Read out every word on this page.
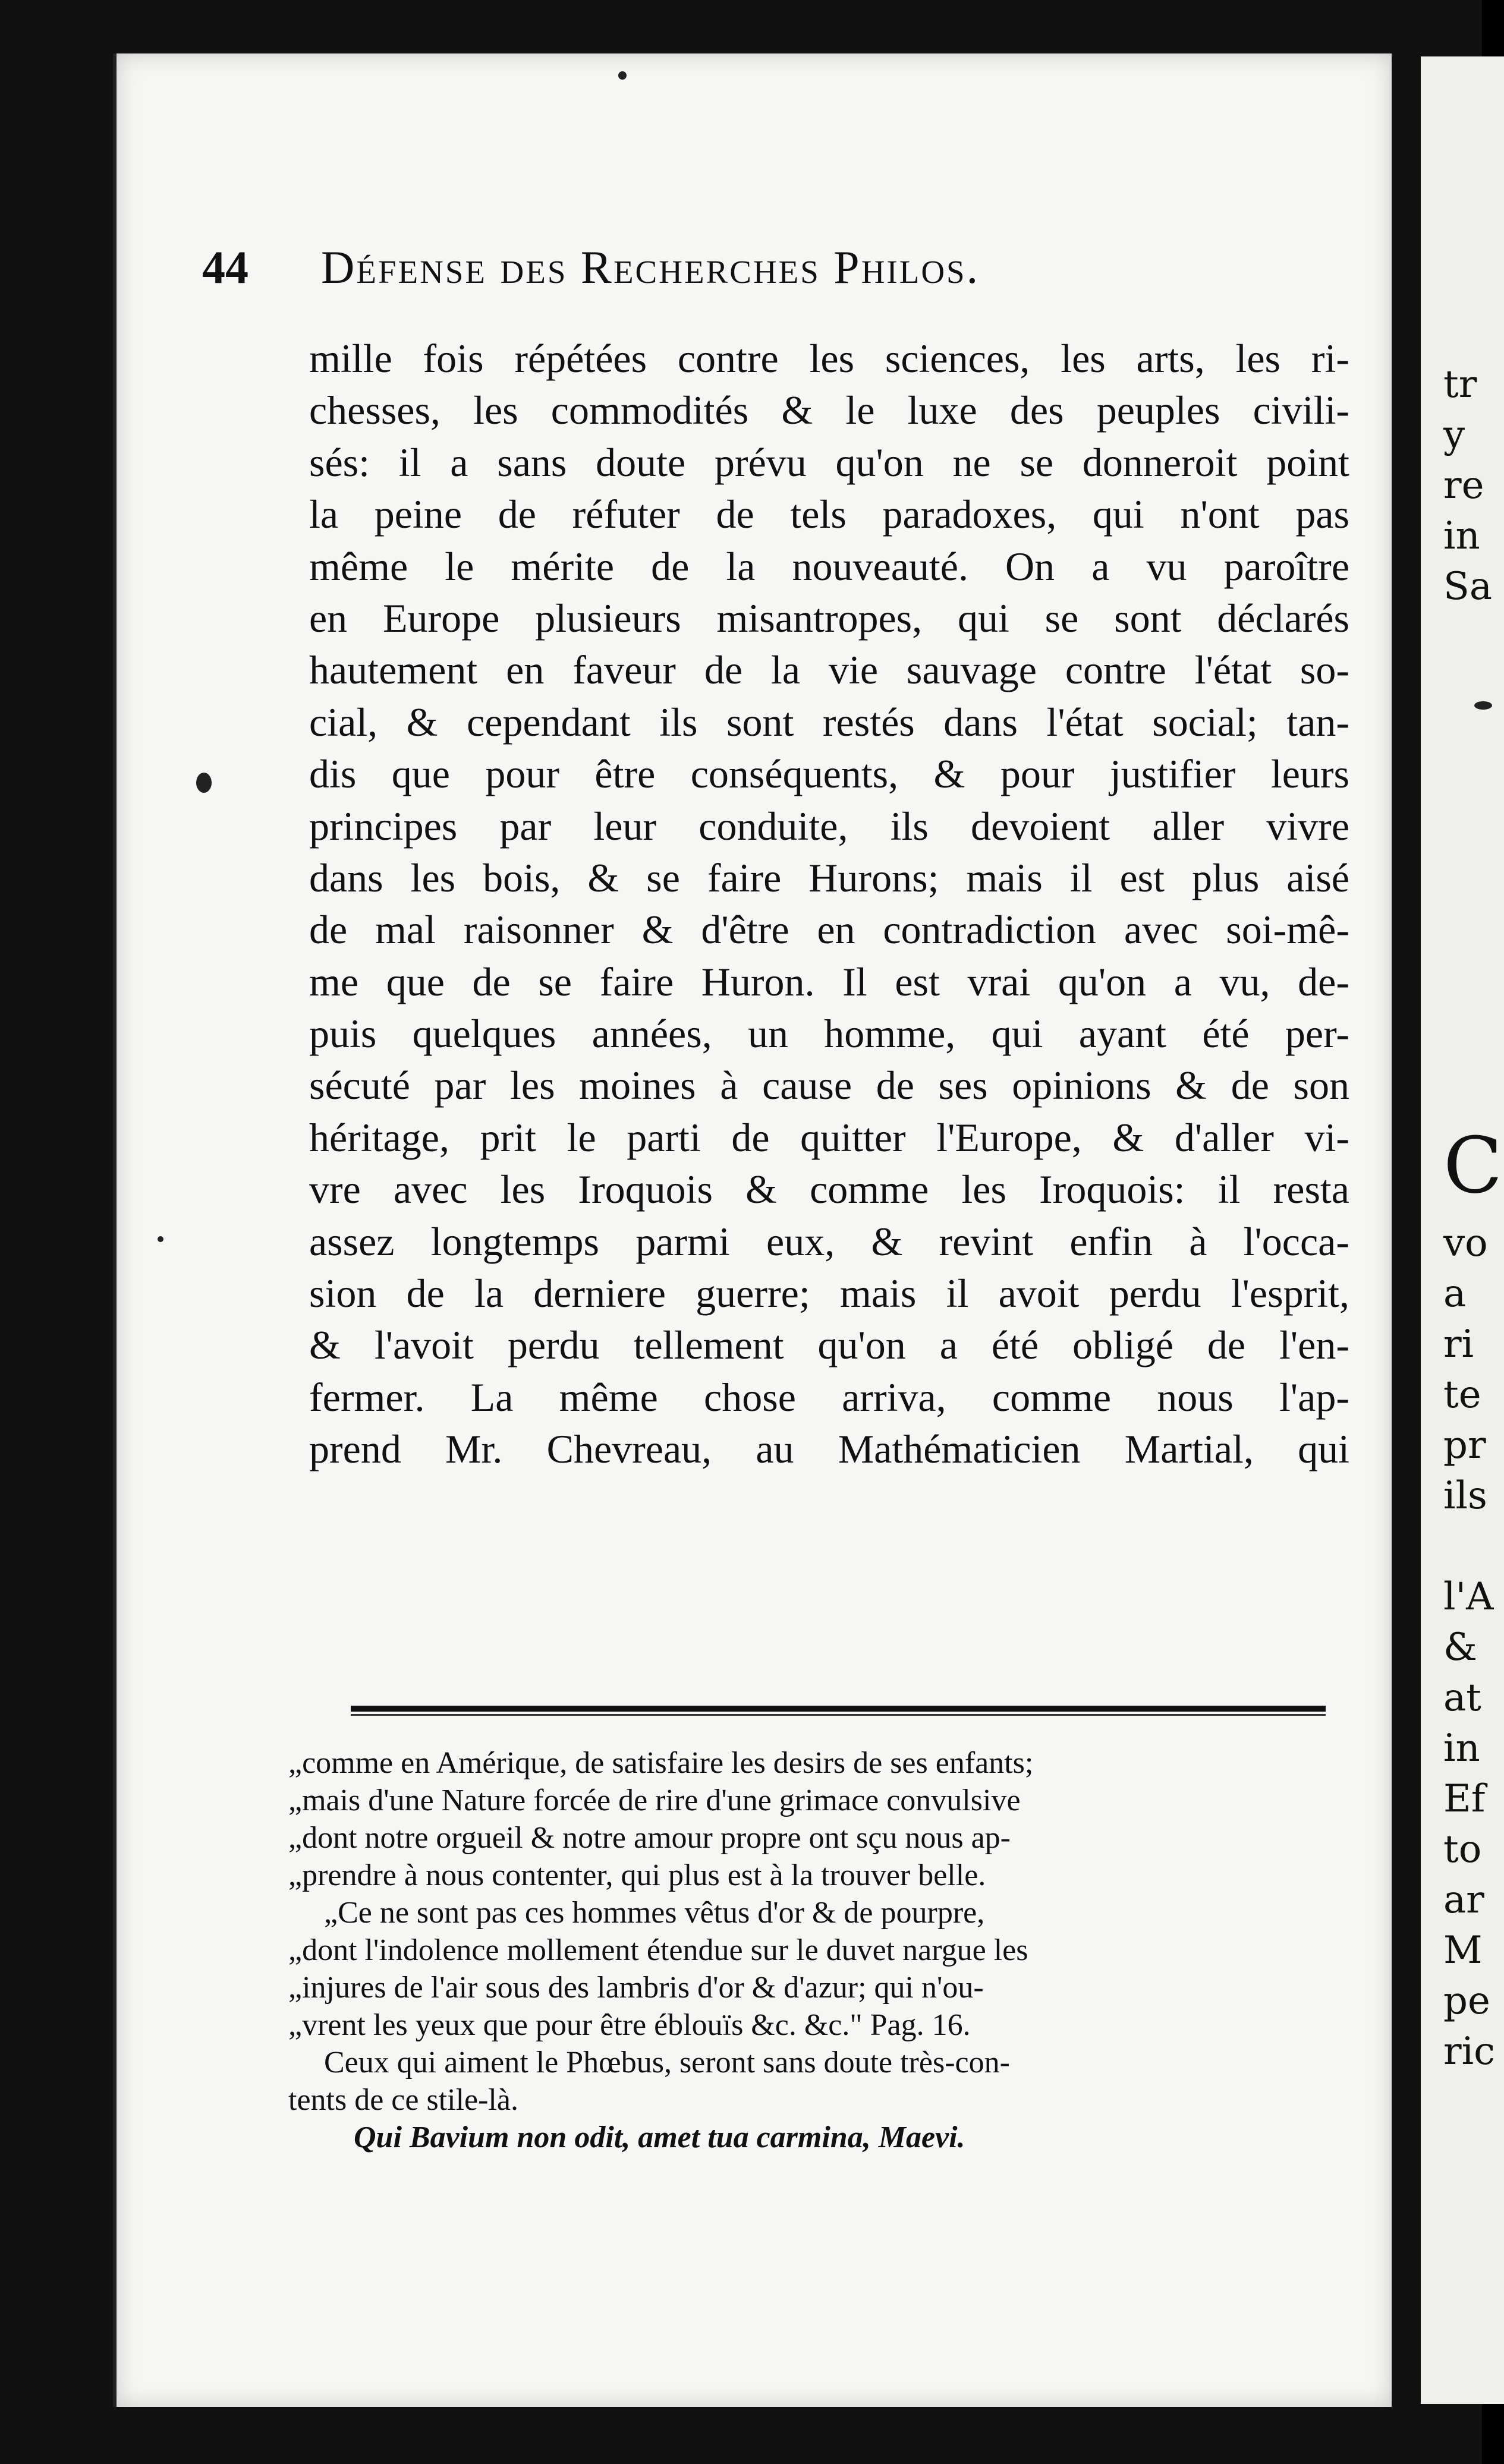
tr
y
re
in
Sa
C
vo
a
ri
te
pr
ils
l'A
&
at
in
Ef
to
ar
M
pe
ric
44 Défense des Recherches Philos.
mille fois répétées contre les sciences, les arts, les ri-
chesses, les commodités & le luxe des peuples civili-
sés: il a sans doute prévu qu'on ne se donneroit point
la peine de réfuter de tels paradoxes, qui n'ont pas
même le mérite de la nouveauté. On a vu paroître
en Europe plusieurs misantropes, qui se sont déclarés
hautement en faveur de la vie sauvage contre l'état so-
cial, & cependant ils sont restés dans l'état social; tan-
dis que pour être conséquents, & pour justifier leurs
principes par leur conduite, ils devoient aller vivre
dans les bois, & se faire Hurons; mais il est plus aisé
de mal raisonner & d'être en contradiction avec soi-mê-
me que de se faire Huron. Il est vrai qu'on a vu, de-
puis quelques années, un homme, qui ayant été per-
sécuté par les moines à cause de ses opinions & de son
héritage, prit le parti de quitter l'Europe, & d'aller vi-
vre avec les Iroquois & comme les Iroquois: il resta
assez longtemps parmi eux, & revint enfin à l'occa-
sion de la derniere guerre; mais il avoit perdu l'esprit,
& l'avoit perdu tellement qu'on a été obligé de l'en-
fermer. La même chose arriva, comme nous l'ap-
prend Mr. Chevreau, au Mathématicien Martial, qui
„comme en Amérique, de satisfaire les desirs de ses enfants;
„mais d'une Nature forcée de rire d'une grimace convulsive
„dont notre orgueil & notre amour propre ont sçu nous ap-
„prendre à nous contenter, qui plus est à la trouver belle.
„Ce ne sont pas ces hommes vêtus d'or & de pourpre,
„dont l'indolence mollement étendue sur le duvet nargue les
„injures de l'air sous des lambris d'or & d'azur; qui n'ou-
„vrent les yeux que pour être éblouïs &c. &c." Pag. 16.
Ceux qui aiment le Phœbus, seront sans doute très-con-
tents de ce stile-là.
Qui Bavium non odit, amet tua carmina, Maevi.
